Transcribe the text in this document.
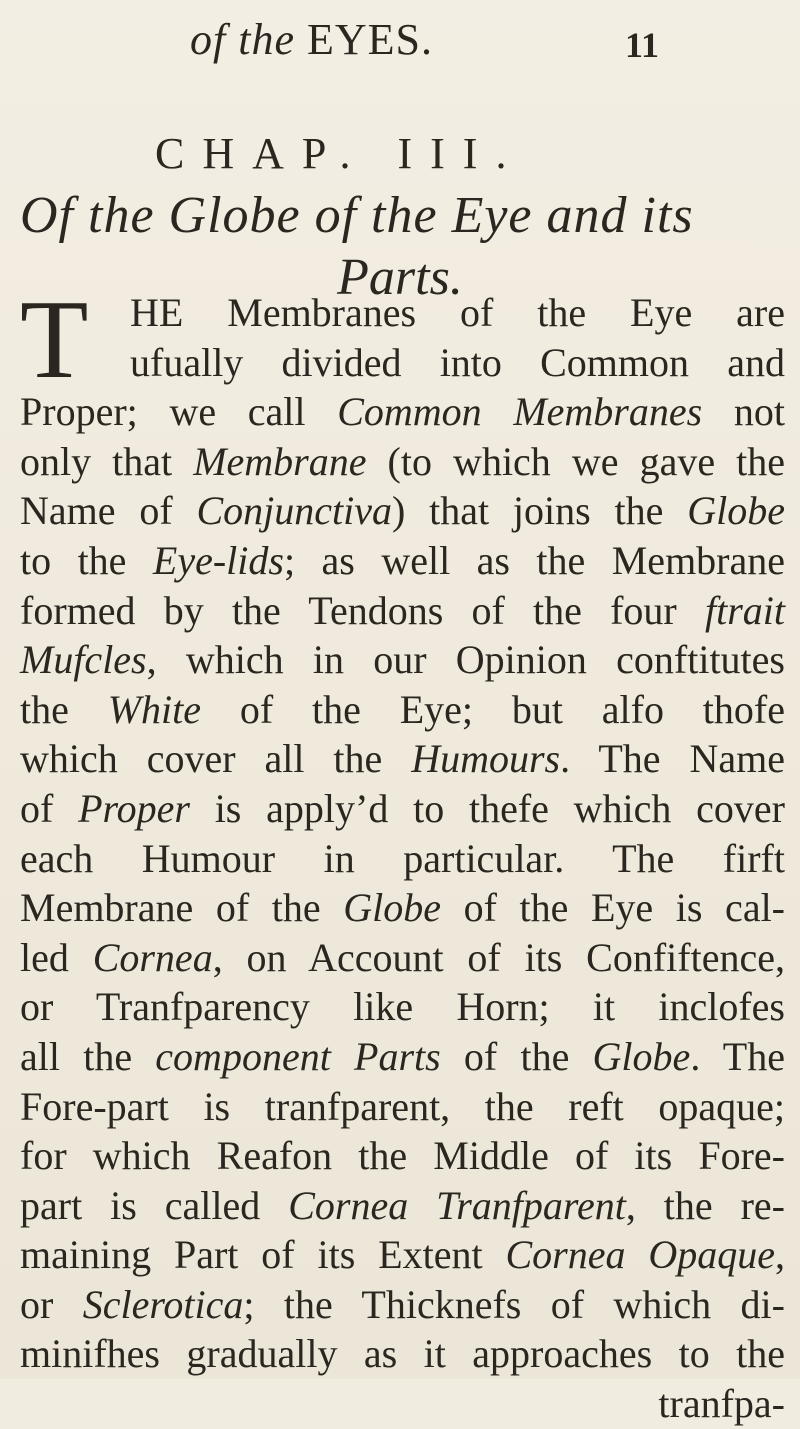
of the EYES.	11
CHAP. III.
Of the Globe of the Eye and its
Parts.
T	HE Membranes of the Eye are
ufually divided into Common and
Proper; we call Common Membranes not
only that Membrane (to which we gave the
Name of Conjunctiva) that joins the Globe
to the Eye-lids; as well as the Membrane
formed by the Tendons of the four ftrait
Mufcles, which in our Opinion conftitutes
the White of the Eye; but alfo thofe
which cover all the Humours. The Name
of Proper is apply’d to thefe which cover
each Humour in particular. The firft
Membrane of the Globe of the Eye is cal-
led Cornea, on Account of its Confiftence,
or Tranfparency like Horn; it inclofes
all the component Parts of the Globe. The
Fore-part is tranfparent, the reft opaque;
for which Reafon the Middle of its Fore-
part is called Cornea Tranfparent, the re-
maining Part of its Extent Cornea Opaque,
or Sclerotica; the Thicknefs of which di-
minifhes gradually as it approaches to the
tranfpa-
